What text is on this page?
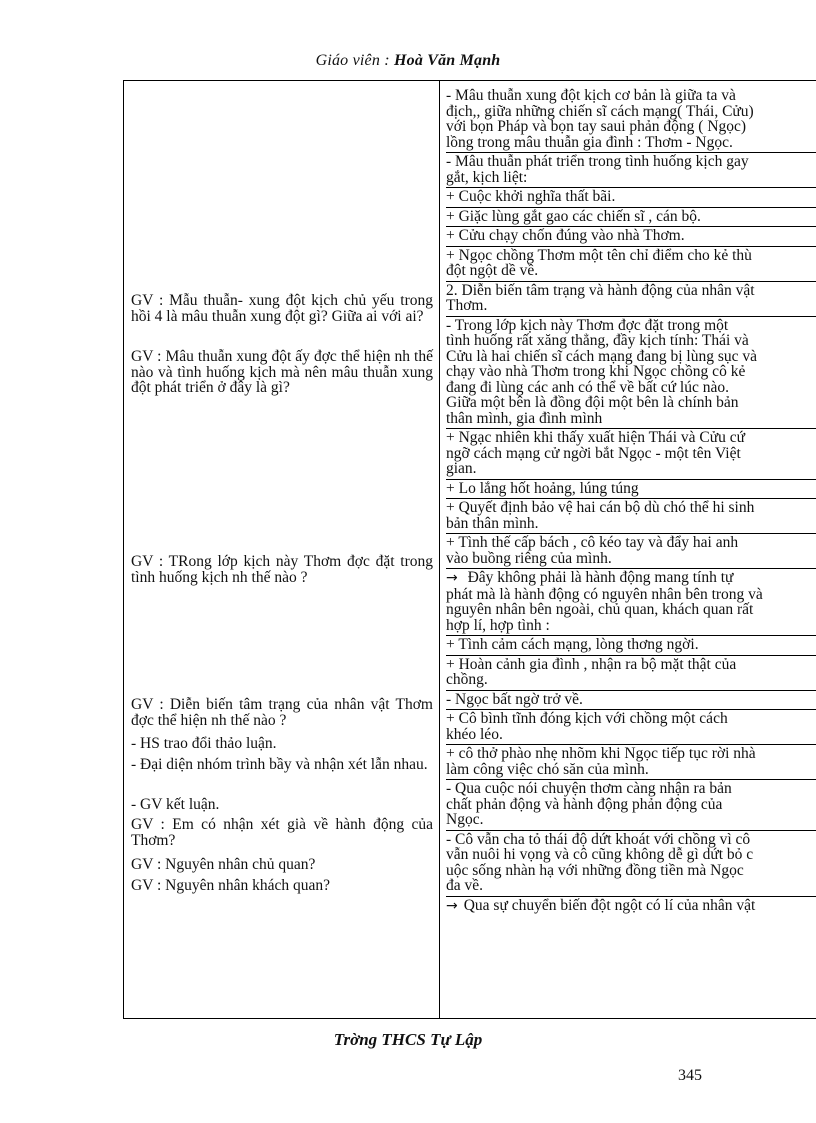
Giáo viên : Hoà Văn Mạnh

GV : Mẫu thuẫn- xung đột kịch chủ yếu trong hồi 4 là mâu thuẫn xung đột gì? Giữa ai với ai?

GV : Mâu thuẫn xung đột ấy đợc thể hiện nh thế nào và tình huống kịch mà nên mâu thuẫn xung đột phát triển ở đây là gì?

GV : TRong lớp kịch này Thơm đợc đặt trong tình huống kịch nh thế nào ?

GV : Diễn biến tâm trạng của nhân vật Thơm đợc thể hiện nh thế nào ?

- HS trao đổi thảo luận.

- Đại diện nhóm trình bầy và nhận xét lẫn nhau.

- GV kết luận.

GV : Em có nhận xét già về hành động của Thơm?

GV : Nguyên nhân chủ quan?

GV : Nguyên nhân khách quan?

- Mâu thuẫn xung đột kịch cơ bản là giữa ta và
địch,, giữa những chiến sĩ cách mạng( Thái, Cửu)
với bọn Pháp và bọn tay saui phản động ( Ngọc)
lồng trong mâu thuẫn gia đình : Thơm - Ngọc.
- Mâu thuẫn phát triển trong tình huống kịch gay
gắt, kịch liệt:
+ Cuộc khởi nghĩa thất bãi.
+ Giặc lùng gắt gao các chiến sĩ , cán bộ.
+ Cửu chạy chốn đúng vào nhà Thơm.
+ Ngọc chồng Thơm một tên chỉ điểm cho kẻ thù
đột ngột dề về.
2. Diễn biến tâm trạng và hành động của nhân vật
Thơm.
- Trong lớp kịch này Thơm đợc đặt trong một
tình huống rất xăng thẳng, đầy kịch tính: Thái và
Cửu là hai chiến sĩ cách mạng đang bị lùng sục và
chạy vào nhà Thơm trong khi Ngọc chồng cô kẻ
đang đi lùng các anh có thể về bất cứ lúc nào.
Giữa một bên là đồng đội một bên là chính bản
thân mình, gia đình mình
+ Ngạc nhiên khi thấy xuất hiện Thái và Cửu cứ
ngỡ cách mạng cử ngời bắt Ngọc - một tên Việt
gian.
+ Lo lắng hốt hoảng, lúng túng
+ Quyết định bảo vệ hai cán bộ dù chó thể hi sinh
bản thân mình.
+ Tình thế cấp bách , cô kéo tay và đẩy hai anh
vào buồng riêng của mình.
→ Đây không phải là hành động mang tính tự
phát mà là hành động có nguyên nhân bên trong và
nguyên nhân bên ngoài, chủ quan, khách quan rất
hợp lí, hợp tình :
+ Tình cảm cách mạng, lòng thơng ngời.
+ Hoàn cảnh gia đình , nhận ra bộ mặt thật của
chồng.
- Ngọc bất ngờ trở về.
+ Cô bình tĩnh đóng kịch với chồng một cách
khéo léo.
+ cô thở phào nhẹ nhõm khi Ngọc tiếp tục rời nhà
làm công việc chó săn của mình.
- Qua cuộc nói chuyện thơm càng nhận ra bản
chất phản động và hành động phản động của
Ngọc.
- Cô vẫn cha tỏ thái độ dứt khoát với chồng vì cô
vẫn nuôi hi vọng và cô cũng không dễ gì dứt bỏ c
uộc sống nhàn hạ với những đồng tiền mà Ngọc
đa về.
→ Qua sự chuyển biến đột ngột có lí của nhân vật
Trờng THCS Tự Lập
345
